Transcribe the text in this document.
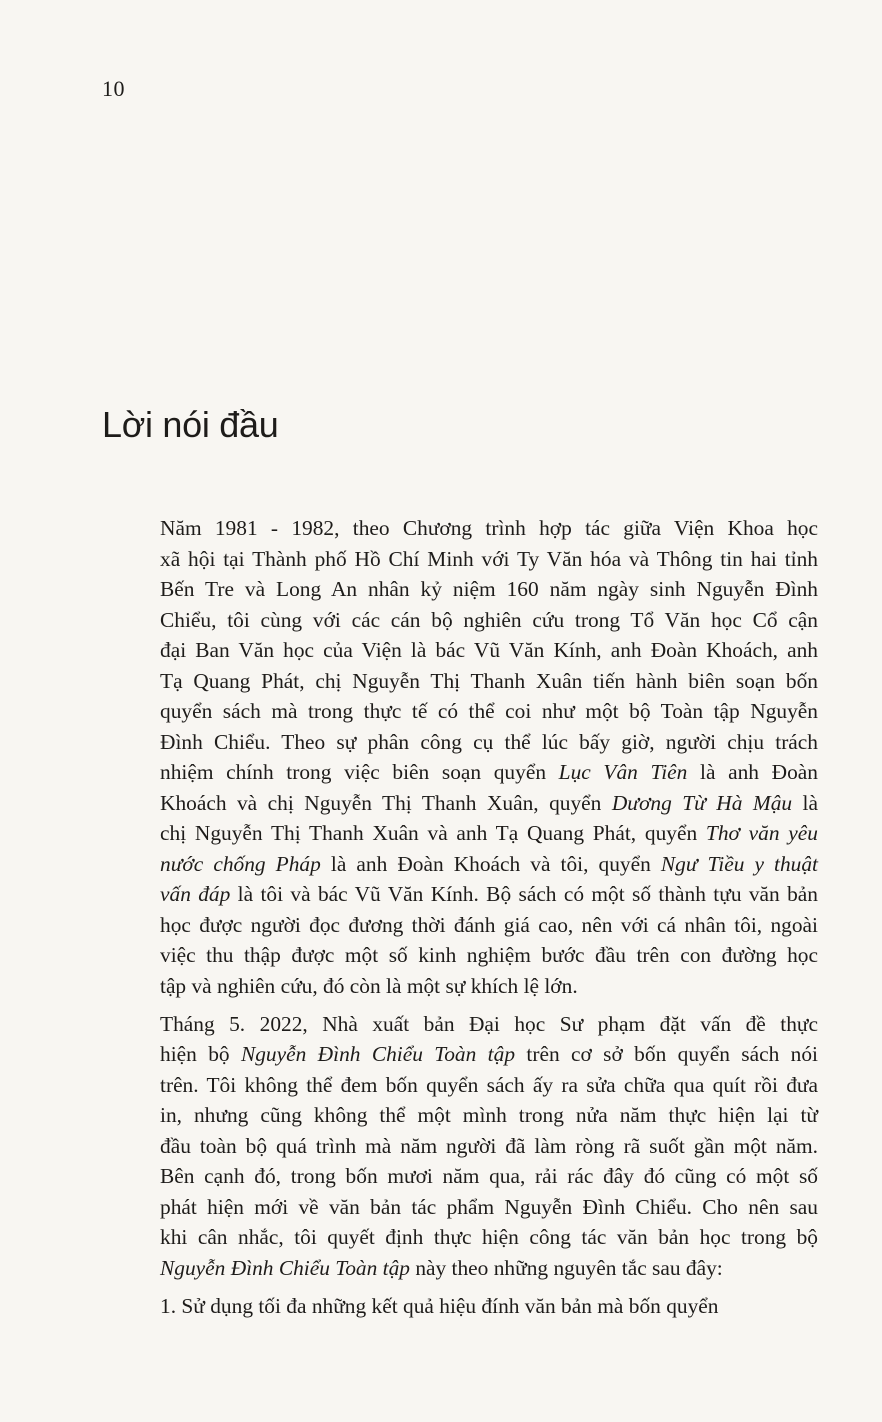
10
Lời nói đầu
Năm 1981 - 1982, theo Chương trình hợp tác giữa Viện Khoa học
xã hội tại Thành phố Hồ Chí Minh với Ty Văn hóa và Thông tin hai tỉnh
Bến Tre và Long An nhân kỷ niệm 160 năm ngày sinh Nguyễn Đình
Chiểu, tôi cùng với các cán bộ nghiên cứu trong Tổ Văn học Cổ cận
đại Ban Văn học của Viện là bác Vũ Văn Kính, anh Đoàn Khoách, anh
Tạ Quang Phát, chị Nguyễn Thị Thanh Xuân tiến hành biên soạn bốn
quyển sách mà trong thực tế có thể coi như một bộ Toàn tập Nguyễn
Đình Chiểu. Theo sự phân công cụ thể lúc bấy giờ, người chịu trách
nhiệm chính trong việc biên soạn quyển Lục Vân Tiên là anh Đoàn
Khoách và chị Nguyễn Thị Thanh Xuân, quyển Dương Từ Hà Mậu là
chị Nguyễn Thị Thanh Xuân và anh Tạ Quang Phát, quyển Thơ văn yêu
nước chống Pháp là anh Đoàn Khoách và tôi, quyển Ngư Tiều y thuật
vấn đáp là tôi và bác Vũ Văn Kính. Bộ sách có một số thành tựu văn bản
học được người đọc đương thời đánh giá cao, nên với cá nhân tôi, ngoài
việc thu thập được một số kinh nghiệm bước đầu trên con đường học
tập và nghiên cứu, đó còn là một sự khích lệ lớn.
Tháng 5. 2022, Nhà xuất bản Đại học Sư phạm đặt vấn đề thực
hiện bộ Nguyễn Đình Chiểu Toàn tập trên cơ sở bốn quyển sách nói
trên. Tôi không thể đem bốn quyển sách ấy ra sửa chữa qua quít rồi đưa
in, nhưng cũng không thể một mình trong nửa năm thực hiện lại từ
đầu toàn bộ quá trình mà năm người đã làm ròng rã suốt gần một năm.
Bên cạnh đó, trong bốn mươi năm qua, rải rác đây đó cũng có một số
phát hiện mới về văn bản tác phẩm Nguyễn Đình Chiểu. Cho nên sau
khi cân nhắc, tôi quyết định thực hiện công tác văn bản học trong bộ
Nguyễn Đình Chiểu Toàn tập này theo những nguyên tắc sau đây:
1. Sử dụng tối đa những kết quả hiệu đính văn bản mà bốn quyển
